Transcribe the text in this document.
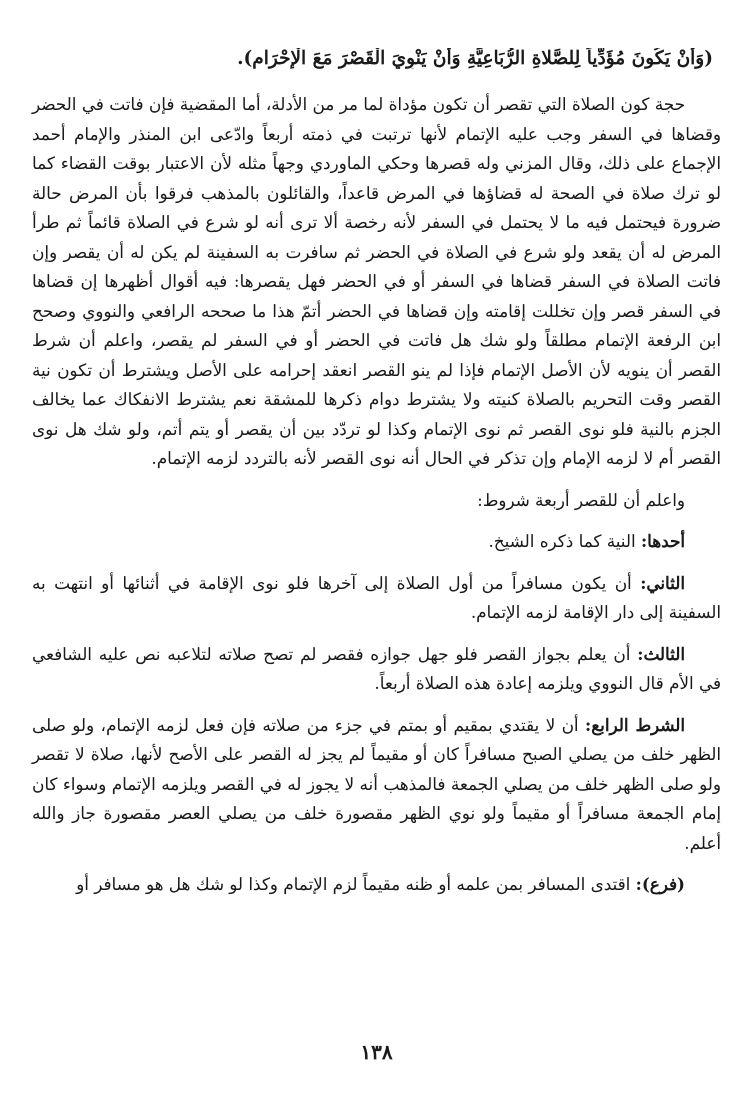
(وَأَنْ يَكُونَ مُؤَدِّياً لِلصَّلاةِ الرُّبَاعِيَّةِ وَأَنْ يَنْوِيَ الْقَصْرَ مَعَ الْإِحْرَامِ).

حجة كون الصلاة التي تقصر أن تكون مؤداة لما مر من الأدلة، أما المقضية فإن فاتت في الحضر وقضاها في السفر وجب عليه الإتمام لأنها ترتبت في ذمته أربعاً وادّعى ابن المنذر والإمام أحمد الإجماع على ذلك، وقال المزني وله قصرها وحكي الماوردي وجهاً مثله لأن الاعتبار بوقت القضاء كما لو ترك صلاة في الصحة له قضاؤها في المرض قاعداً، والقائلون بالمذهب فرقوا بأن المرض حالة ضرورة فيحتمل فيه ما لا يحتمل في السفر لأنه رخصة ألا ترى أنه لو شرع في الصلاة قائماً ثم طرأ المرض له أن يقعد ولو شرع في الصلاة في الحضر ثم سافرت به السفينة لم يكن له أن يقصر وإن فاتت الصلاة في السفر قضاها في السفر أو في الحضر فهل يقصرها: فيه أقوال أظهرها إن قضاها في السفر قصر وإن تخللت إقامته وإن قضاها في الحضر أتمّ هذا ما صححه الرافعي والنووي وصحح ابن الرفعة الإتمام مطلقاً ولو شك هل فاتت في الحضر أو في السفر لم يقصر، واعلم أن شرط القصر أن ينويه لأن الأصل الإتمام فإذا لم ينو القصر انعقد إحرامه على الأصل ويشترط أن تكون نية القصر وقت التحريم بالصلاة كنيته ولا يشترط دوام ذكرها للمشقة نعم يشترط الانفكاك عما يخالف الجزم بالنية فلو نوى القصر ثم نوى الإتمام وكذا لو تردّد بين أن يقصر أو يتم أتم، ولو شك هل نوى القصر أم لا لزمه الإمام وإن تذكر في الحال أنه نوى القصر لأنه بالتردد لزمه الإتمام.

واعلم أن للقصر أربعة شروط:

أحدها: النية كما ذكره الشيخ.

الثاني: أن يكون مسافراً من أول الصلاة إلى آخرها فلو نوى الإقامة في أثنائها أو انتهت به السفينة إلى دار الإقامة لزمه الإتمام.

الثالث: أن يعلم بجواز القصر فلو جهل جوازه فقصر لم تصح صلاته لتلاعبه نص عليه الشافعي في الأم قال النووي ويلزمه إعادة هذه الصلاة أربعاً.

الشرط الرابع: أن لا يقتدي بمقيم أو بمتم في جزء من صلاته فإن فعل لزمه الإتمام، ولو صلى الظهر خلف من يصلي الصبح مسافراً كان أو مقيماً لم يجز له القصر على الأصح لأنها، صلاة لا تقصر ولو صلى الظهر خلف من يصلي الجمعة فالمذهب أنه لا يجوز له في القصر ويلزمه الإتمام وسواء كان إمام الجمعة مسافراً أو مقيماً ولو نوي الظهر مقصورة خلف من يصلي العصر مقصورة جاز والله أعلم.

(فرع): اقتدى المسافر بمن علمه أو ظنه مقيماً لزم الإتمام وكذا لو شك هل هو مسافر أو

١٣٨
